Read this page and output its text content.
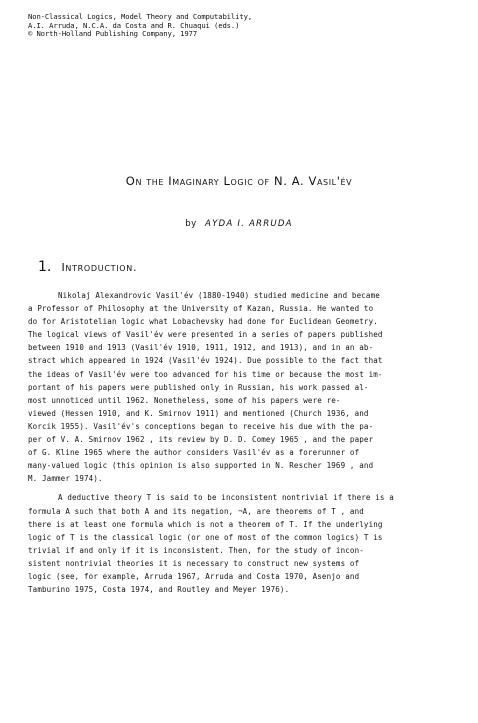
Non-Classical Logics, Model Theory and Computability,
A.I. Arruda, N.C.A. da Costa and R. Chuaqui (eds.)
© North-Holland Publishing Company, 1977
On the Imaginary Logic of N. A. Vasil'év
by AYDA I. ARRUDA
1. Introduction.
Nikolaj Alexandrovic Vasil'év (1880-1940) studied medicine and became
a Professor of Philosophy at the University of Kazan, Russia. He wanted to
do for Aristotelian logic what Lobachevsky had done for Euclidean Geometry.
The logical views of Vasil'év were presented in a series of papers published
between 1910 and 1913 (Vasil'év 1910, 1911, 1912, and 1913), and in an ab-
stract which appeared in 1924 (Vasil'év 1924). Due possible to the fact that
the ideas of Vasil'év were too advanced for his time or because the most im-
portant of his papers were published only in Russian, his work passed al-
most unnoticed until 1962. Nonetheless, some of his papers were re-
viewed (Hessen 1910, and K. Smirnov 1911) and mentioned (Church 1936, and
Korcik 1955). Vasil'év's conceptions began to receive his due with the pa-
per of V. A. Smirnov 1962 , its review by D. D. Comey 1965 , and the paper
of G. Kline 1965 where the author considers Vasil'év as a forerunner of
many-valued logic (this opinion is also supported in N. Rescher 1969 , and
M. Jammer 1974).
A deductive theory T is said to be inconsistent nontrivial if there is a
formula A such that both A and its negation, ¬A, are theorems of T , and
there is at least one formula which is not a theorem of T. If the underlying
logic of T is the classical logic (or one of most of the common logics) T is
trivial if and only if it is inconsistent. Then, for the study of incon-
sistent nontrivial theories it is necessary to construct new systems of
logic (see, for example, Arruda 1967, Arruda and Costa 1970, Asenjo and
Tamburino 1975, Costa 1974, and Routley and Meyer 1976).
